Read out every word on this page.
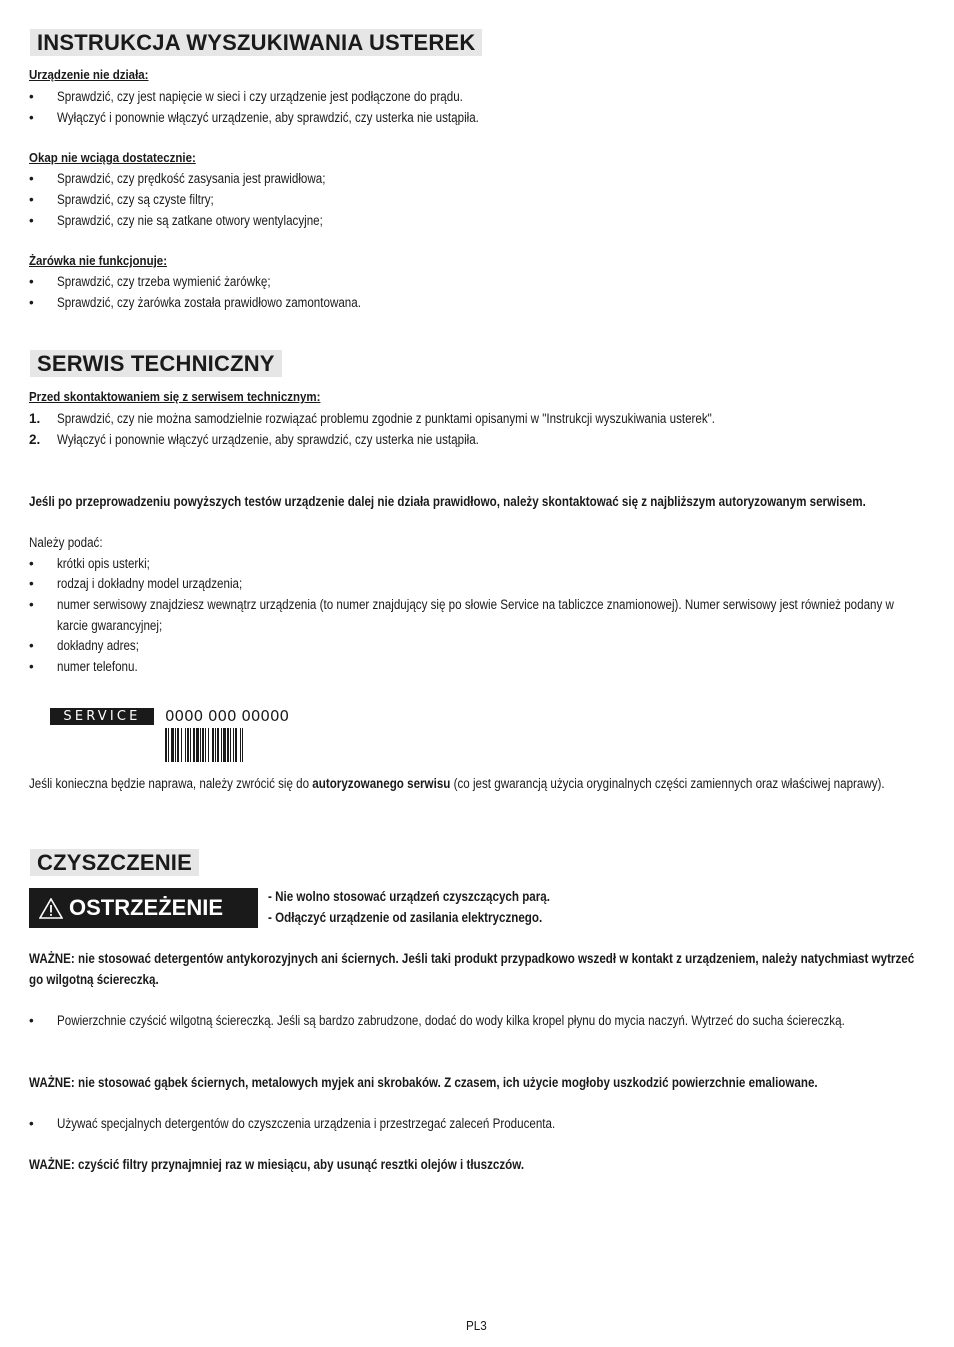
INSTRUKCJA WYSZUKIWANIA USTEREK
Urządzenie nie działa:
• Sprawdzić, czy jest napięcie w sieci i czy urządzenie jest podłączone do prądu.
• Wyłączyć i ponownie włączyć urządzenie, aby sprawdzić, czy usterka nie ustąpiła.
Okap nie wciąga dostatecznie:
• Sprawdzić, czy prędkość zasysania jest prawidłowa;
• Sprawdzić, czy są czyste filtry;
• Sprawdzić, czy nie są zatkane otwory wentylacyjne;
Żarówka nie funkcjonuje:
• Sprawdzić, czy trzeba wymienić żarówkę;
• Sprawdzić, czy żarówka została prawidłowo zamontowana.
SERWIS TECHNICZNY
Przed skontaktowaniem się z serwisem technicznym:
1. Sprawdzić, czy nie można samodzielnie rozwiązać problemu zgodnie z punktami opisanymi w "Instrukcji wyszukiwania usterek".
2. Wyłączyć i ponownie włączyć urządzenie, aby sprawdzić, czy usterka nie ustąpiła.
Jeśli po przeprowadzeniu powyższych testów urządzenie dalej nie działa prawidłowo, należy skontaktować się z najbliższym autoryzowanym serwisem.
Należy podać:
• krótki opis usterki;
• rodzaj i dokładny model urządzenia;
• numer serwisowy znajdziesz wewnątrz urządzenia (to numer znajdujący się po słowie Service na tabliczce znamionowej). Numer serwisowy jest również podany w karcie gwarancyjnej;
• dokładny adres;
• numer telefonu.
SERVICE	0000 000 00000
Jeśli konieczna będzie naprawa, należy zwrócić się do autoryzowanego serwisu (co jest gwarancją użycia oryginalnych części zamiennych oraz właściwej naprawy).
CZYSZCZENIE
OSTRZEŻENIE	- Nie wolno stosować urządzeń czyszczących parą.
- Odłączyć urządzenie od zasilania elektrycznego.
WAŻNE: nie stosować detergentów antykorozyjnych ani ściernych. Jeśli taki produkt przypadkowo wszedł w kontakt z urządzeniem, należy natychmiast wytrzeć go wilgotną ściereczką.
• Powierzchnie czyścić wilgotną ściereczką. Jeśli są bardzo zabrudzone, dodać do wody kilka kropel płynu do mycia naczyń. Wytrzeć do sucha ściereczką.
WAŻNE: nie stosować gąbek ściernych, metalowych myjek ani skrobaków. Z czasem, ich użycie mogłoby uszkodzić powierzchnie emaliowane.
• Używać specjalnych detergentów do czyszczenia urządzenia i przestrzegać zaleceń Producenta.
WAŻNE: czyścić filtry przynajmniej raz w miesiącu, aby usunąć resztki olejów i tłuszczów.
PL3
